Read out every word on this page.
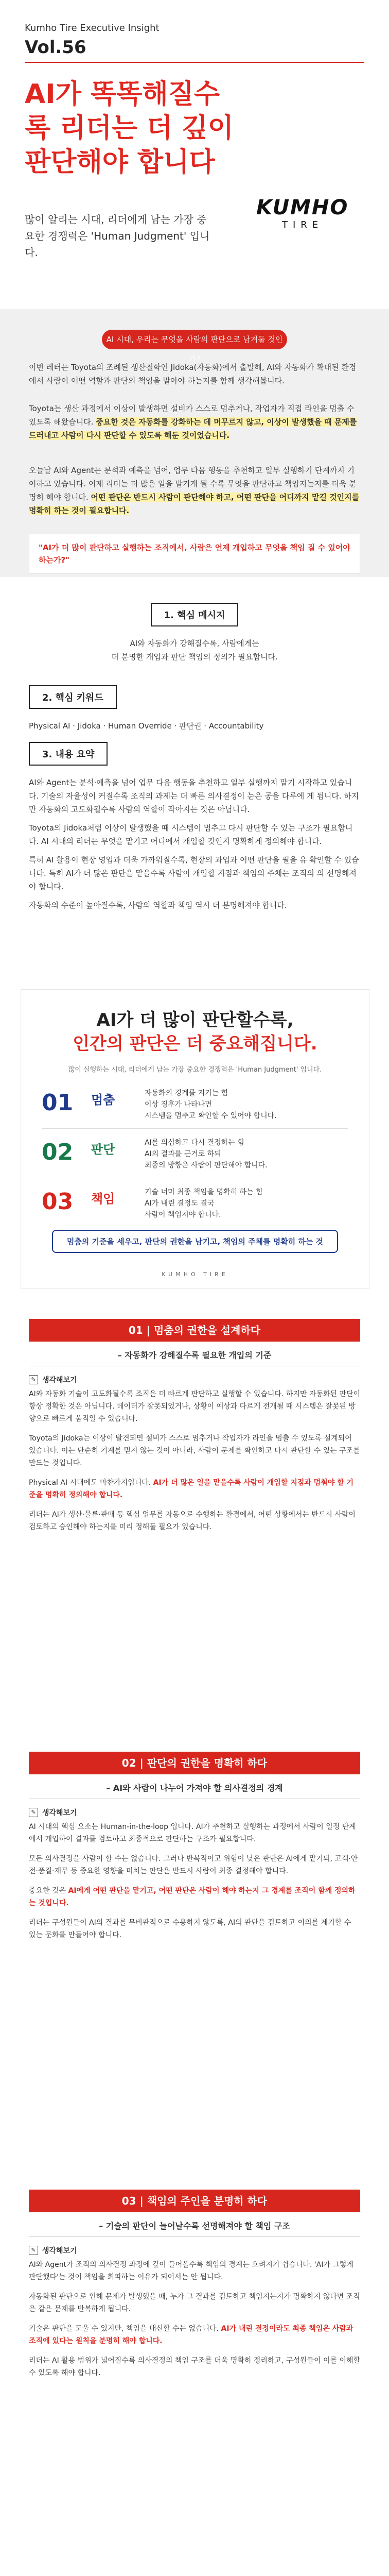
Kumho Tire Executive Insight
Vol.56
AI가 똑똑해질수록 리더는 더 깊이 판단해야 합니다
많이 알리는 시대, 리더에게 남는 가장 중요한 경쟁력은 'Human Judgment' 입니다.
KUMHO
TIRE
AI 시대, 우리는 무엇을 사람의 판단으로 남겨둘 것인가?
이번 레터는 Toyota의 조례된 생산철학인 Jidoka(자동화)에서 출발해, AI와 자동화가 확대된 환경에서 사람이 어떤 역할과 판단의 책임을 맡아야 하는지를 함께 생각해봅니다.
Toyota는 생산 과정에서 이상이 발생하면 설비가 스스로 멈추거나, 작업자가 직접 라인을 멈출 수 있도록 해왔습니다. 중요한 것은 자동화를 강화하는 데 머무르지 않고, 이상이 발생했을 때 문제를 드러내고 사람이 다시 판단할 수 있도록 해둔 것이었습니다.
오늘날 AI와 Agent는 분석과 예측을 넘어, 업무 다음 행동을 추천하고 일부 실행하기 단계까지 기여하고 있습니다. 이제 리더는 더 많은 일을 맡기게 될 수록 무엇을 판단하고 책임지는지를 더욱 분명히 해야 합니다. 어떤 판단은 반드시 사람이 판단해야 하고, 어떤 판단을 어디까지 맡길 것인지를 명확히 하는 것이 필요합니다.
"AI가 더 많이 판단하고 실행하는 조직에서, 사람은 언제 개입하고 무엇을 책임 질 수 있어야 하는가?"
1. 핵심 메시지
AI와 자동화가 강해질수록, 사람에게는
더 분명한 개입과 판단 책임의 정의가 필요합니다.
2. 핵심 키워드
Physical AI · Jidoka · Human Override · 판단권 · Accountability
3. 내용 요약
AI와 Agent는 분석·예측을 넘어 업무 다음 행동을 추천하고 일부 실행까지 맡기 시작하고 있습니다. 기술의 자율성이 커질수록 조직의 과제는 더 빠른 의사결정이 눈은 공을 다루에 게 됩니다. 하지만 자동화의 고도화될수록 사람의 역할이 작아지는 것은 아닙니다.
Toyota의 Jidoka처럼 이상이 발생했을 때 시스템이 멈추고 다시 판단할 수 있는 구조가 필요합니다. AI 시대의 리더는 무엇을 맡기고 어디에서 개입할 것인지 명확하게 정의해야 합니다.
특히 AI 활용이 현장 영업과 더욱 가까워질수록, 현장의 과업과 어떤 판단을 필을 유 확인할 수 있습니다. 특히 AI가 더 많은 판단을 맡을수록 사람이 개입할 지점과 책임의 주체는 조직의 의 선명해져야 합니다.
자동화의 수준이 높아질수록, 사람의 역할과 책임 역시 더 분명해져야 합니다.
AI가 더 많이 판단할수록,
인간의 판단은 더 중요해집니다.
많이 실행하는 시대, 리더에게 남는 가장 중요한 경쟁력은 'Human Judgment' 입니다.
01 멈춤	자동화의 경계를 지키는 힘
이상 징후가 나타나면
시스템을 멈추고 확인할 수 있어야 합니다.
02 판단	AI를 의심하고 다시 결정하는 힘
AI의 결과를 근거로 하되
최종의 방향은 사람이 판단해야 합니다.
03 책임	기술 너머 최종 책임을 명확히 하는 힘
AI가 내린 결정도 결국
사람이 책임져야 합니다.
멈춤의 기준을 세우고, 판단의 권한을 남기고, 책임의 주체를 명확히 하는 것
KUMHO TIRE
01 | 멈춤의 권한을 설계하다
– 자동화가 강해질수록 필요한 개입의 기준
✎ 생각해보기
AI와 자동화 기술이 고도화될수록 조직은 더 빠르게 판단하고 실행할 수 있습니다. 하지만 자동화된 판단이 항상 정확한 것은 아닙니다. 데이터가 잘못되었거나, 상황이 예상과 다르게 전개될 때 시스템은 잘못된 방향으로 빠르게 움직일 수 있습니다.
Toyota의 Jidoka는 이상이 발견되면 설비가 스스로 멈추거나 작업자가 라인을 멈출 수 있도록 설계되어 있습니다. 이는 단순히 기계를 믿지 않는 것이 아니라, 사람이 문제를 확인하고 다시 판단할 수 있는 구조를 만드는 것입니다.
Physical AI 시대에도 마찬가지입니다. AI가 더 많은 일을 맡을수록 사람이 개입할 지점과 멈춰야 할 기준을 명확히 정의해야 합니다.
리더는 AI가 생산·물류·판매 등 핵심 업무를 자동으로 수행하는 환경에서, 어떤 상황에서는 반드시 사람이 검토하고 승인해야 하는지를 미리 정해둘 필요가 있습니다.
02 | 판단의 권한을 명확히 하다
– AI와 사람이 나누어 가져야 할 의사결정의 경계
✎ 생각해보기
AI 시대의 핵심 요소는 Human-in-the-loop 입니다. AI가 추천하고 실행하는 과정에서 사람이 일정 단계에서 개입하여 결과를 검토하고 최종적으로 판단하는 구조가 필요합니다.
모든 의사결정을 사람이 할 수는 없습니다. 그러나 반복적이고 위험이 낮은 판단은 AI에게 맡기되, 고객·안전·품질·재무 등 중요한 영향을 미치는 판단은 반드시 사람이 최종 결정해야 합니다.
중요한 것은 AI에게 어떤 판단을 맡기고, 어떤 판단은 사람이 해야 하는지 그 경계를 조직이 함께 정의하는 것입니다.
리더는 구성원들이 AI의 결과를 무비판적으로 수용하지 않도록, AI의 판단을 검토하고 이의를 제기할 수 있는 문화를 만들어야 합니다.
03 | 책임의 주인을 분명히 하다
– 기술의 판단이 늘어날수록 선명해져야 할 책임 구조
✎ 생각해보기
AI와 Agent가 조직의 의사결정 과정에 깊이 들어올수록 책임의 경계는 흐려지기 쉽습니다. 'AI가 그렇게 판단했다'는 것이 책임을 회피하는 이유가 되어서는 안 됩니다.
자동화된 판단으로 인해 문제가 발생했을 때, 누가 그 결과를 검토하고 책임지는지가 명확하지 않다면 조직은 같은 문제를 반복하게 됩니다.
기술은 판단을 도울 수 있지만, 책임을 대신할 수는 없습니다. AI가 내린 결정이라도 최종 책임은 사람과 조직에 있다는 원칙을 분명히 해야 합니다.
리더는 AI 활용 범위가 넓어질수록 의사결정의 책임 구조를 더욱 명확히 정리하고, 구성원들이 이를 이해할 수 있도록 해야 합니다.
